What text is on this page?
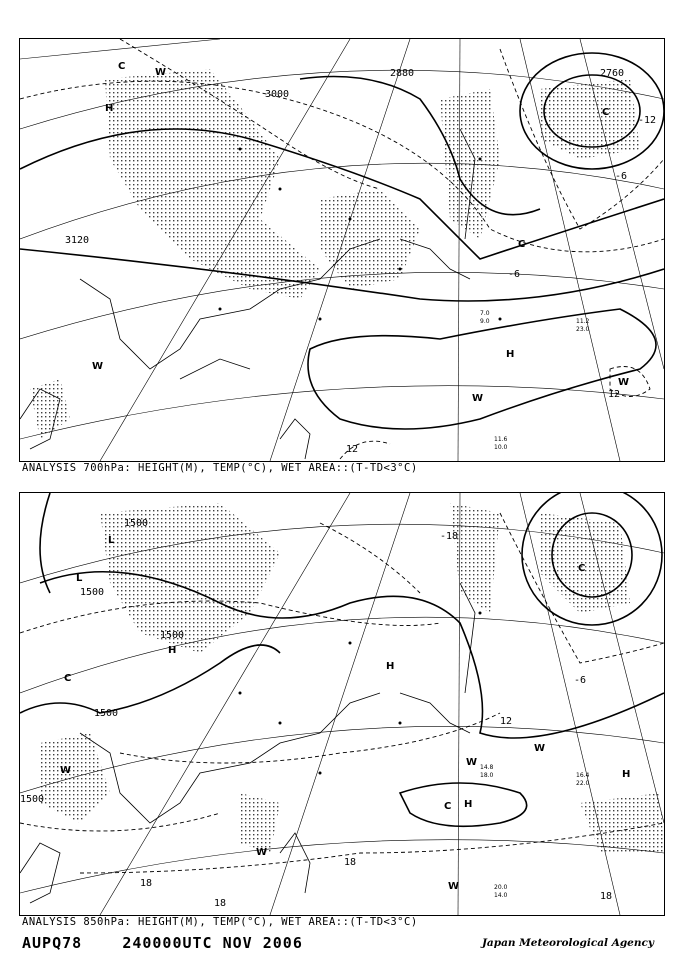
3000
2880
3120
2760
-6
-12
-6
12
12
H
H
W
W
W
W
C
C
C
11.2
23.0
7.0
9.0
11.6
10.0
ANALYSIS 700hPa: HEIGHT(M), TEMP(°C), WET AREA::(T-TD<3°C)
1500
1500
1500
1500
1500
-18
12
18
18
18
18
-6
L
L
H
H
H
H
W
W
W
W
W
C
C
C
14.8
18.0	16.4
22.0
20.0
14.0
ANALYSIS 850hPa: HEIGHT(M), TEMP(°C), WET AREA::(T-TD<3°C)
AUPQ78	240000UTC NOV 2006	Japan Meteorological Agency
